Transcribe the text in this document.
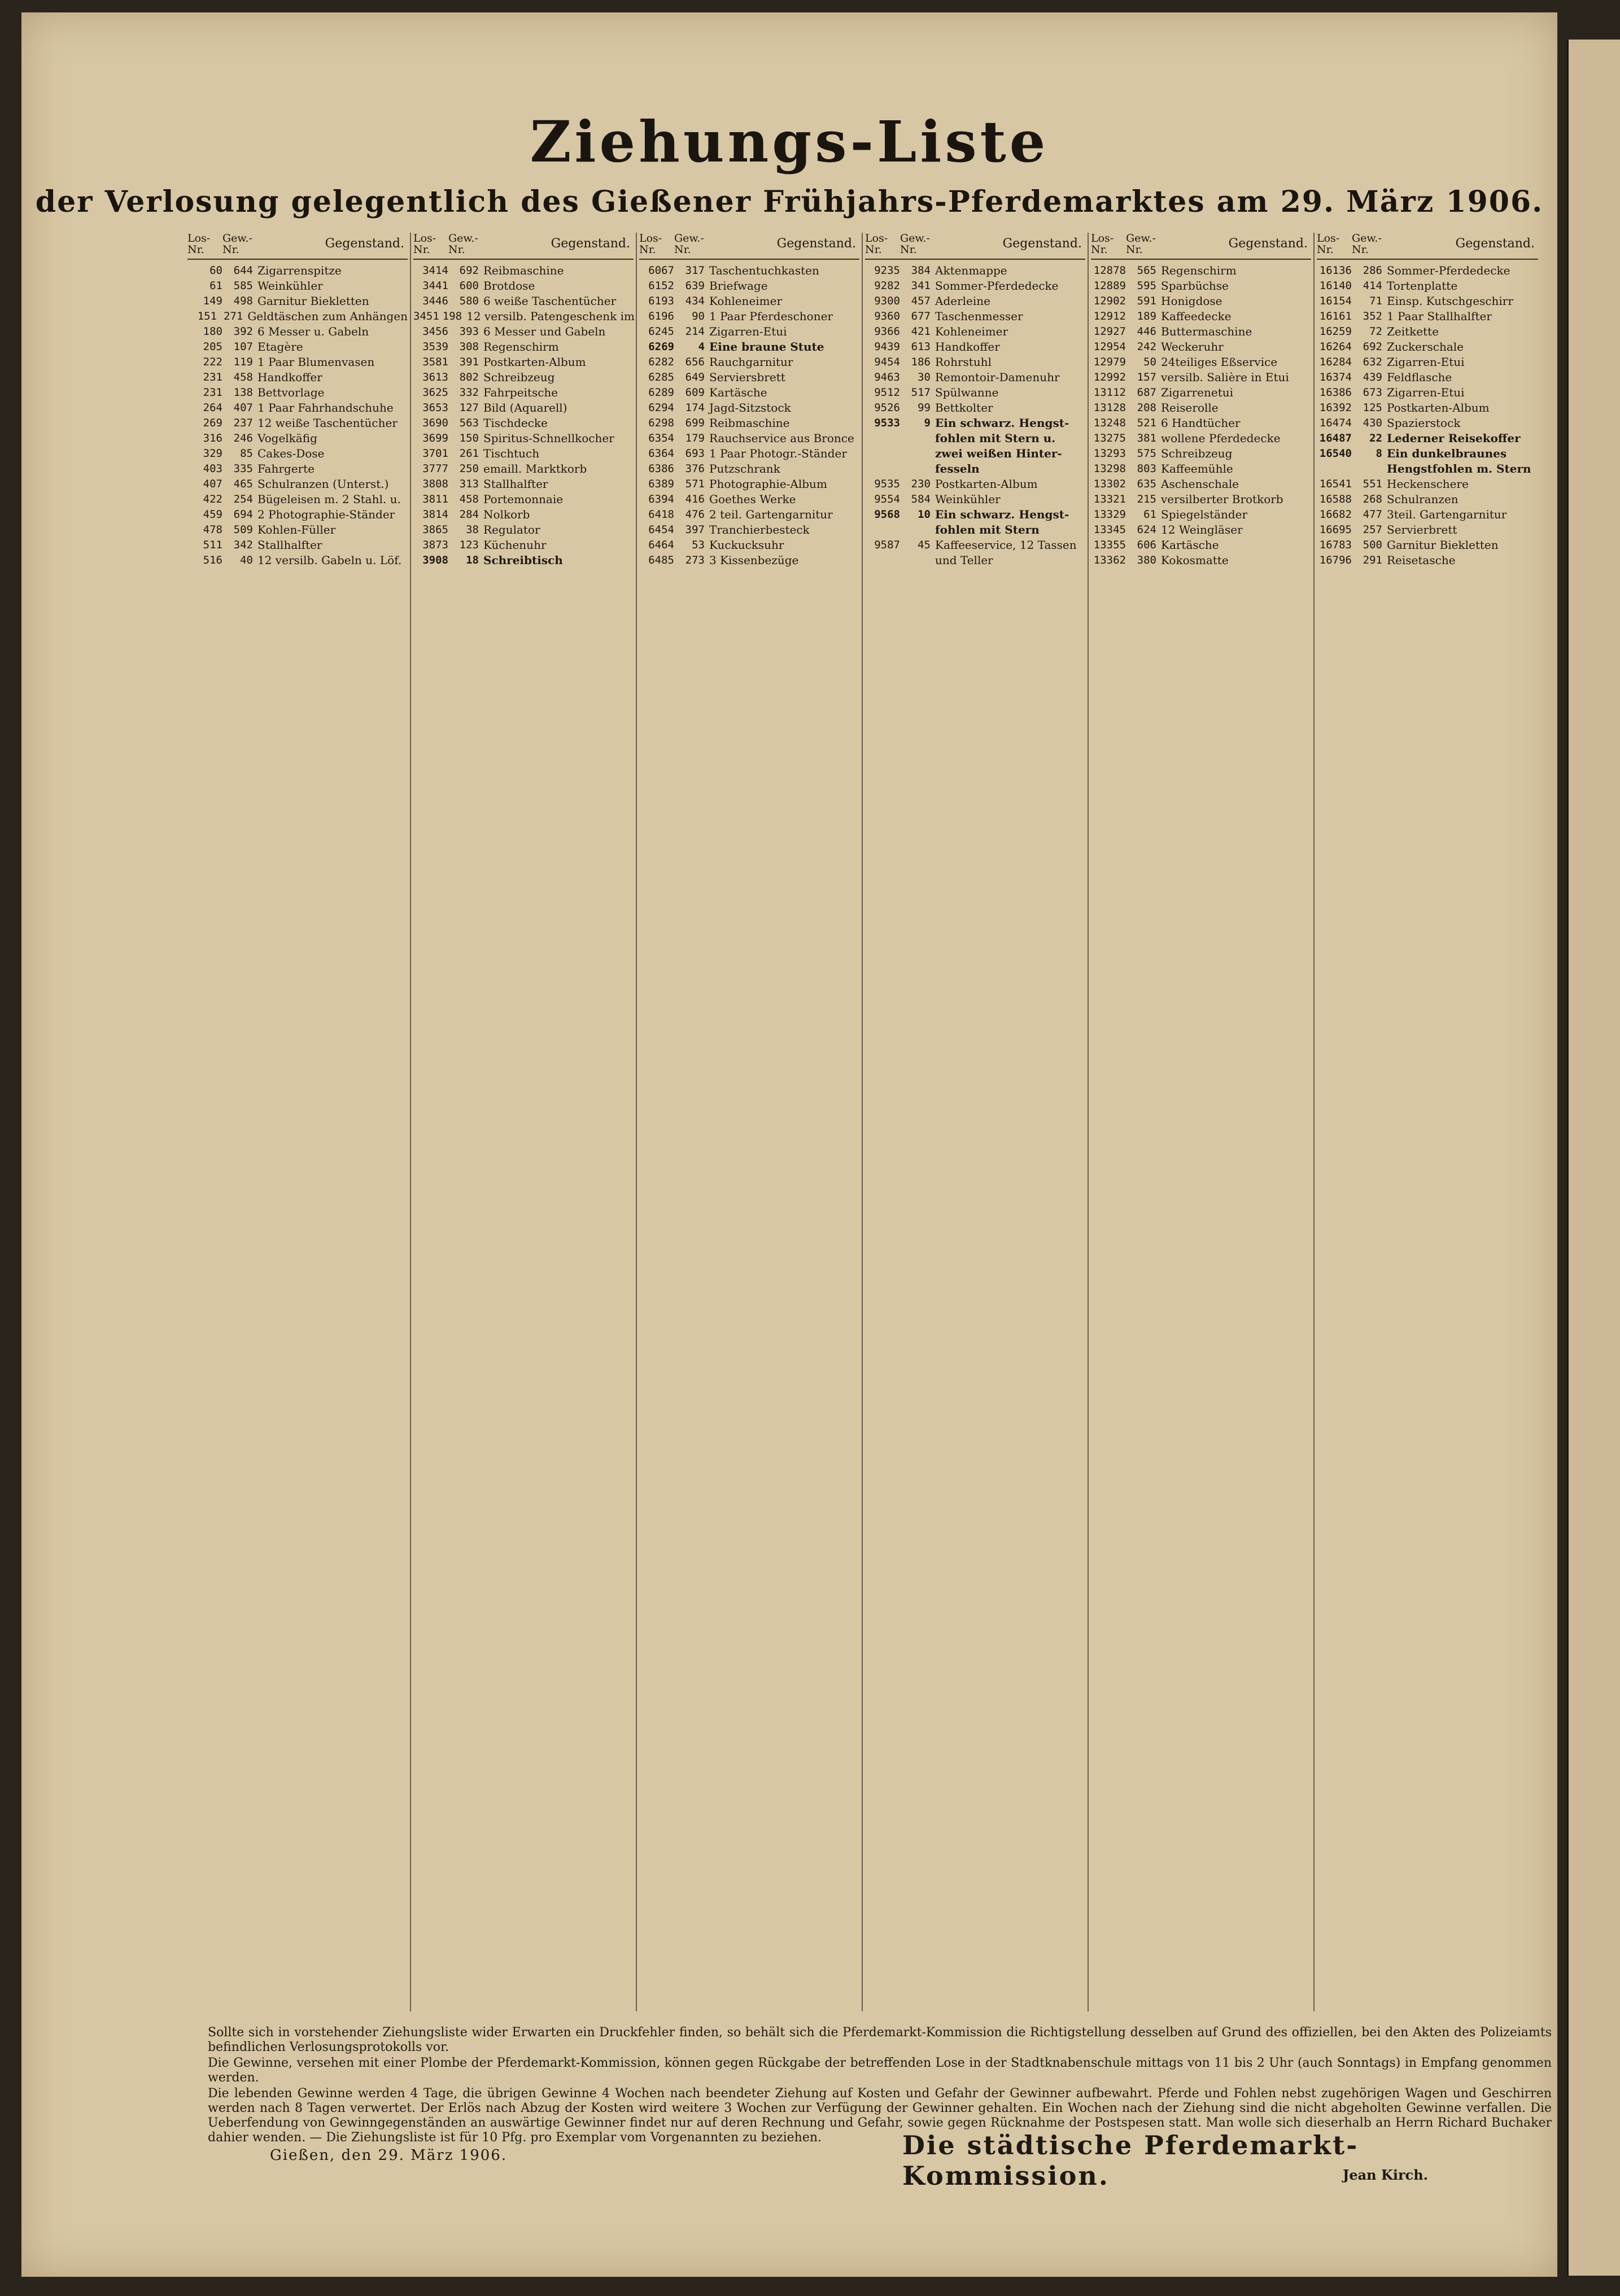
Ziehungs-Liste
der Verlosung gelegentlich des Gießener Frühjahrs-Pferdemarktes am 29. März 1906.
Los-Nr.
Gew.-Nr.	Gegenstand.
60	644 Zigarrenspitze
61	585 Weinkühler
149	498 Garnitur Biekletten
151 271 Geldtäschen zum Anhängen
180	392 6 Messer u. Gabeln
205	107 Etagère
222	119 1 Paar Blumenvasen
231	458 Handkoffer
231	138 Bettvorlage
264	407 1 Paar Fahrhandschuhe
269	237 12 weiße Taschentücher
316	246 Vogelkäfig
329	85 Cakes-Dose
403	335 Fahrgerte
407	465 Schulranzen (Unterst.)
422	254 Bügeleisen m. 2 Stahl. u.
459	694 2 Photographie-Ständer
478	509 Kohlen-Füller
511	342 Stallhalfter
516	40 12 versilb. Gabeln u. Löf.
Los-Nr.
Gew.-Nr.	Gegenstand.
3414	692 Reibmaschine
3441	600 Brotdose
3446	580 6 weiße Taschentücher
3451 198 12 versilb. Patengeschenk im
3456	393 6 Messer und Gabeln
3539	308 Regenschirm
3581	391 Postkarten-Album
3613	802 Schreibzeug
3625	332 Fahrpeitsche
3653	127 Bild (Aquarell)
3690	563 Tischdecke
3699	150 Spiritus-Schnellkocher
3701	261 Tischtuch
3777	250 emaill. Marktkorb
3808	313 Stallhalfter
3811	458 Portemonnaie
3814	284 Nolkorb
3865	38 Regulator
3873	123 Küchenuhr
3908	18 Schreibtisch
Los-Nr.
Gew.-Nr.	Gegenstand.
6067	317 Taschentuchkasten
6152	639 Briefwage
6193	434 Kohleneimer
6196	90 1 Paar Pferdeschoner
6245	214 Zigarren-Etui
6269	4 Eine braune Stute
6282	656 Rauchgarnitur
6285	649 Serviersbrett
6289	609 Kartäsche
6294	174 Jagd-Sitzstock
6298	699 Reibmaschine
6354	179 Rauchservice aus Bronce
6364	693 1 Paar Photogr.-Ständer
6386	376 Putzschrank
6389	571 Photographie-Album
6394	416 Goethes Werke
6418	476 2 teil. Gartengarnitur
6454	397 Tranchierbesteck
6464	53 Kuckucksuhr
6485	273 3 Kissenbezüge
Los-Nr.
Gew.-Nr.	Gegenstand.
9235	384 Aktenmappe
9282	341 Sommer-Pferdedecke
9300	457 Aderleine
9360	677 Taschenmesser
9366	421 Kohleneimer
9439	613 Handkoffer
9454	186 Rohrstuhl
9463	30 Remontoir-Damenuhr
9512	517 Spülwanne
9526	99 Bettkolter
9533	9 Ein schwarz. Hengst-
fohlen mit Stern u.
zwei weißen Hinter-
fesseln
9535	230 Postkarten-Album
9554	584 Weinkühler
9568	10 Ein schwarz. Hengst-
fohlen mit Stern
9587	45 Kaffeeservice, 12 Tassen
und Teller
Los-Nr.
Gew.-Nr.	Gegenstand.
12878	565 Regenschirm
12889	595 Sparbüchse
12902	591 Honigdose
12912	189 Kaffeedecke
12927	446 Buttermaschine
12954	242 Weckeruhr
12979	50 24teiliges Eßservice
12992	157 versilb. Salière in Etui
13112	687 Zigarrenetui
13128	208 Reiserolle
13248	521 6 Handtücher
13275	381 wollene Pferdedecke
13293	575 Schreibzeug
13298	803 Kaffeemühle
13302	635 Aschenschale
13321	215 versilberter Brotkorb
13329	61 Spiegelständer
13345	624 12 Weingläser
13355	606 Kartäsche
13362	380 Kokosmatte
Los-Nr.
Gew.-Nr.	Gegenstand.
16136	286 Sommer-Pferdedecke
16140	414 Tortenplatte
16154	71 Einsp. Kutschgeschirr
16161	352 1 Paar Stallhalfter
16259	72 Zeitkette
16264	692 Zuckerschale
16284	632 Zigarren-Etui
16374	439 Feldflasche
16386	673 Zigarren-Etui
16392	125 Postkarten-Album
16474	430 Spazierstock
16487	22 Lederner Reisekoffer
16540	8 Ein dunkelbraunes
Hengstfohlen m. Stern
16541	551 Heckenschere
16588	268 Schulranzen
16682	477 3teil. Gartengarnitur
16695	257 Servierbrett
16783	500 Garnitur Biekletten
16796	291 Reisetasche

Sollte sich in vorstehender Ziehungsliste wider Erwarten ein Druckfehler finden, so behält sich die Pferdemarkt-Kommission die Richtigstellung desselben auf Grund des offiziellen, bei den Akten des Polizeiamts befindlichen Verlosungsprotokolls vor.

Die Gewinne, versehen mit einer Plombe der Pferdemarkt-Kommission, können gegen Rückgabe der betreffenden Lose in der Stadtknabenschule mittags von 11 bis 2 Uhr (auch Sonntags) in Empfang genommen werden.

Die lebenden Gewinne werden 4 Tage, die übrigen Gewinne 4 Wochen nach beendeter Ziehung auf Kosten und Gefahr der Gewinner aufbewahrt. Pferde und Fohlen nebst zugehörigen Wagen und Geschirren werden nach 8 Tagen verwertet. Der Erlös nach Abzug der Kosten wird weitere 3 Wochen zur Verfügung der Gewinner gehalten. Ein Wochen nach der Ziehung sind die nicht abgeholten Gewinne verfallen. Die Ueberfendung von Gewinngegenständen an auswärtige Gewinner findet nur auf deren Rechnung und Gefahr, sowie gegen Rücknahme der Postspesen statt. Man wolle sich dieserhalb an Herrn Richard Buchaker dahier wenden. — Die Ziehungsliste ist für 10 Pfg. pro Exemplar vom Vorgenannten zu beziehen.

Gießen, den 29. März 1906.	Die städtische Pferdemarkt-Kommission.	Jean Kirch.
